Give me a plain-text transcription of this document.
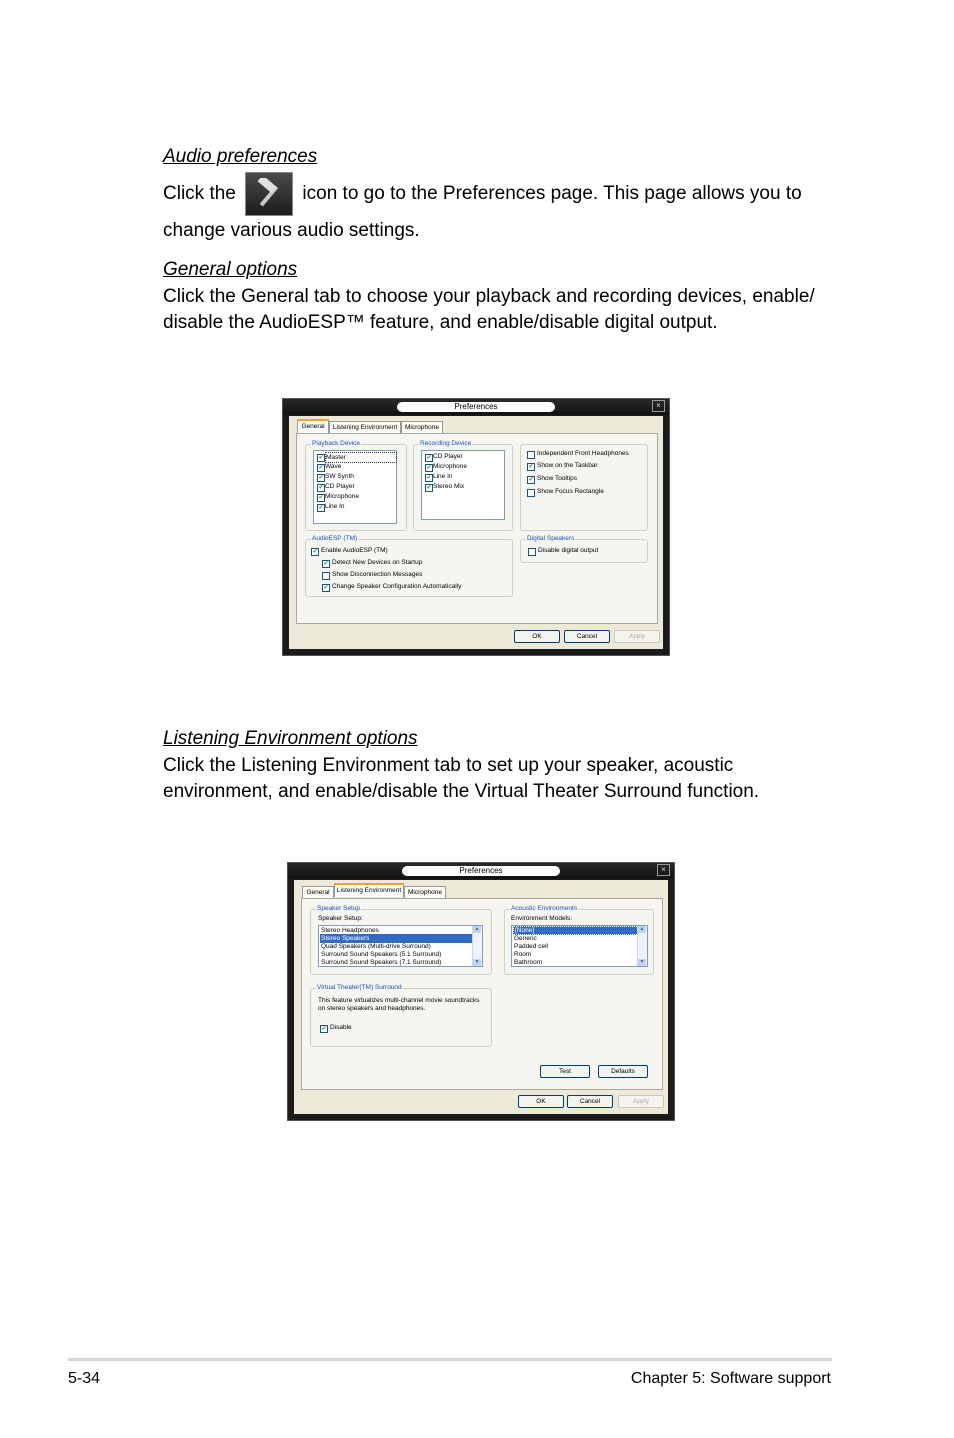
Audio preferences
Click the	icon to go to the Preferences page. This page allows you to
change various audio settings.
General options
Click the General tab to choose your playback and recording devices, enable/
disable the AudioESP™ feature, and enable/disable digital output.
Listening Environment options
Click the Listening Environment tab to set up your speaker, acoustic
environment, and enable/disable the Virtual Theater Surround function.
Preferences	×
General	Listening Environment	Microphone
Playback Device
✔ Master
✔ Wave
✔ SW Synth
✔ CD Player
✔ Microphone
✔ Line In
Recording Device
✔ CD Player
✔ Microphone
✔ Line In
✔ Stereo Mix
Independent Front Headphones
✔ Show on the Taskbar
✔ Show Tooltips
Show Focus Rectangle
AudioESP (TM)
✔ Enable AudioESP (TM)
✔ Detect New Devices on Startup
Show Disconnection Messages
✔ Change Speaker Configuration Automatically
Digital Speakers
Disable digital output
OK	Cancel	Apply
Preferences	×
General	Listening Environment	Microphone
Speaker Setup
Speaker Setup:
Stereo Headphones
Stereo Speakers
Quad Speakers (Multi-drive Surround)
Surround Sound Speakers (5.1 Surround)
Surround Sound Speakers (7.1 Surround)
▲
▼
Acoustic Environments
Environment Models:
[None]
Generic
Padded cell
Room
Bathroom
▲
▼
Virtual Theater(TM) Surround
This feature virtualizes multi-channel movie soundtracks
on stereo speakers and headphones.
✔ Disable
Test	Defaults
OK	Cancel	Apply
5-34	Chapter 5: Software support
